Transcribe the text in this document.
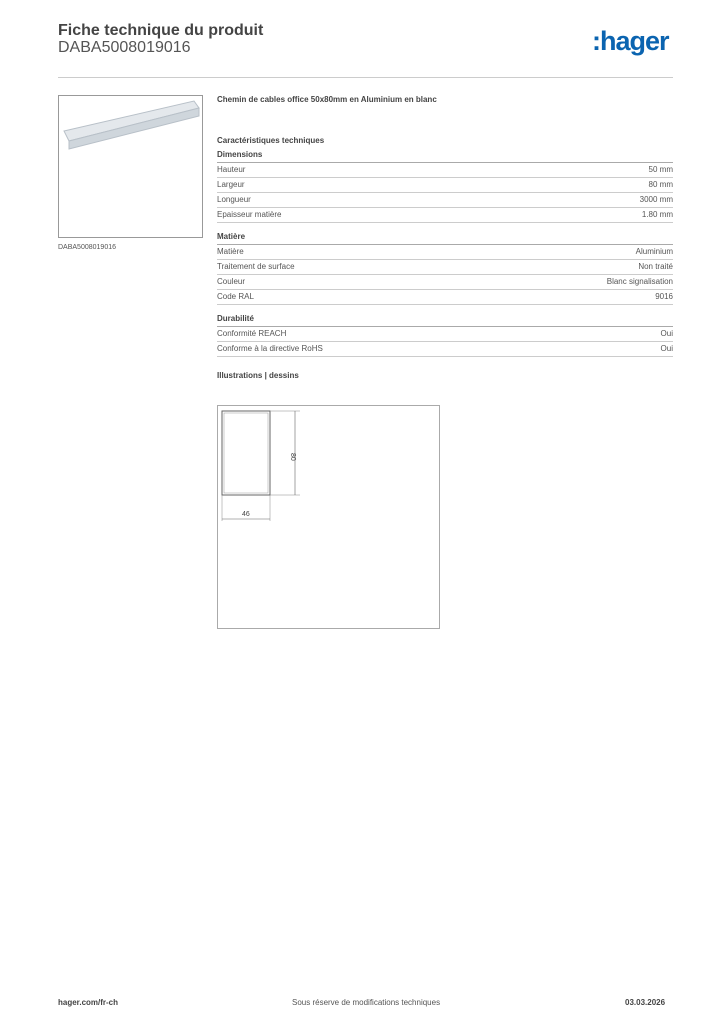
Fiche technique du produit
DABA5008019016	:hager
DABA5008019016
Chemin de cables office 50x80mm en Aluminium en blanc
Caractéristiques techniques
Dimensions
Hauteur	50 mm
Largeur	80 mm
Longueur	3000 mm
Epaisseur matière	1.80 mm
Matière
Matière	Aluminium
Traitement de surface	Non traité
Couleur	Blanc signalisation
Code RAL	9016
Durabilité
Conformité REACH	Oui
Conforme à la directive RoHS	Oui
Illustrations | dessins
80
46
hager.com/fr-ch	Sous réserve de modifications techniques	03.03.2026
